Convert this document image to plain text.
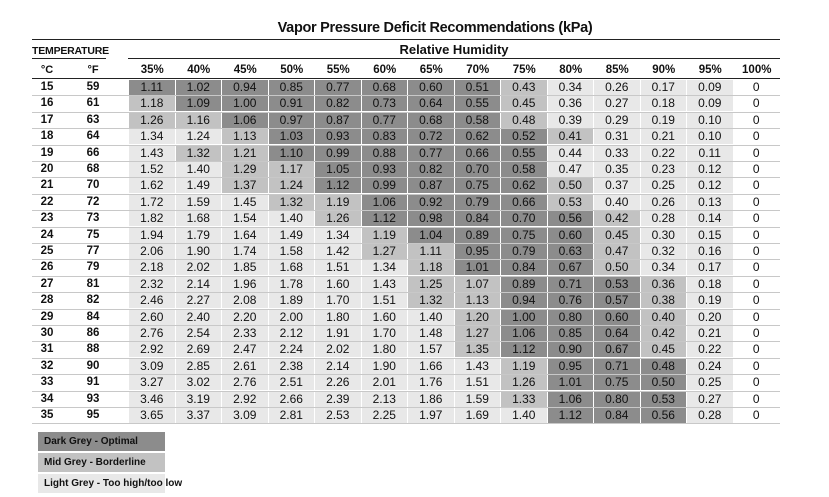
Vapor Pressure Deficit Recommendations (kPa)
TEMPERATURE	Relative Humidity
°C	°F	35%	40%	45%	50%	55%	60%	65%	70%	75%	80%	85%	90%	95%	100%
15	59	1.11	1.02	0.94	0.85	0.77	0.68	0.60	0.51	0.43	0.34	0.26	0.17	0.09	0
16	61	1.18	1.09	1.00	0.91	0.82	0.73	0.64	0.55	0.45	0.36	0.27	0.18	0.09	0
17	63	1.26	1.16	1.06	0.97	0.87	0.77	0.68	0.58	0.48	0.39	0.29	0.19	0.10	0
18	64	1.34	1.24	1.13	1.03	0.93	0.83	0.72	0.62	0.52	0.41	0.31	0.21	0.10	0
19	66	1.43	1.32	1.21	1.10	0.99	0.88	0.77	0.66	0.55	0.44	0.33	0.22	0.11	0
20	68	1.52	1.40	1.29	1.17	1.05	0.93	0.82	0.70	0.58	0.47	0.35	0.23	0.12	0
21	70	1.62	1.49	1.37	1.24	1.12	0.99	0.87	0.75	0.62	0.50	0.37	0.25	0.12	0
22	72	1.72	1.59	1.45	1.32	1.19	1.06	0.92	0.79	0.66	0.53	0.40	0.26	0.13	0
23	73	1.82	1.68	1.54	1.40	1.26	1.12	0.98	0.84	0.70	0.56	0.42	0.28	0.14	0
24	75	1.94	1.79	1.64	1.49	1.34	1.19	1.04	0.89	0.75	0.60	0.45	0.30	0.15	0
25	77	2.06	1.90	1.74	1.58	1.42	1.27	1.11	0.95	0.79	0.63	0.47	0.32	0.16	0
26	79	2.18	2.02	1.85	1.68	1.51	1.34	1.18	1.01	0.84	0.67	0.50	0.34	0.17	0
27	81	2.32	2.14	1.96	1.78	1.60	1.43	1.25	1.07	0.89	0.71	0.53	0.36	0.18	0
28	82	2.46	2.27	2.08	1.89	1.70	1.51	1.32	1.13	0.94	0.76	0.57	0.38	0.19	0
29	84	2.60	2.40	2.20	2.00	1.80	1.60	1.40	1.20	1.00	0.80	0.60	0.40	0.20	0
30	86	2.76	2.54	2.33	2.12	1.91	1.70	1.48	1.27	1.06	0.85	0.64	0.42	0.21	0
31	88	2.92	2.69	2.47	2.24	2.02	1.80	1.57	1.35	1.12	0.90	0.67	0.45	0.22	0
32	90	3.09	2.85	2.61	2.38	2.14	1.90	1.66	1.43	1.19	0.95	0.71	0.48	0.24	0
33	91	3.27	3.02	2.76	2.51	2.26	2.01	1.76	1.51	1.26	1.01	0.75	0.50	0.25	0
34	93	3.46	3.19	2.92	2.66	2.39	2.13	1.86	1.59	1.33	1.06	0.80	0.53	0.27	0
35	95	3.65	3.37	3.09	2.81	2.53	2.25	1.97	1.69	1.40	1.12	0.84	0.56	0.28	0
Dark Grey - Optimal
Mid Grey - Borderline
Light Grey - Too high/too low
